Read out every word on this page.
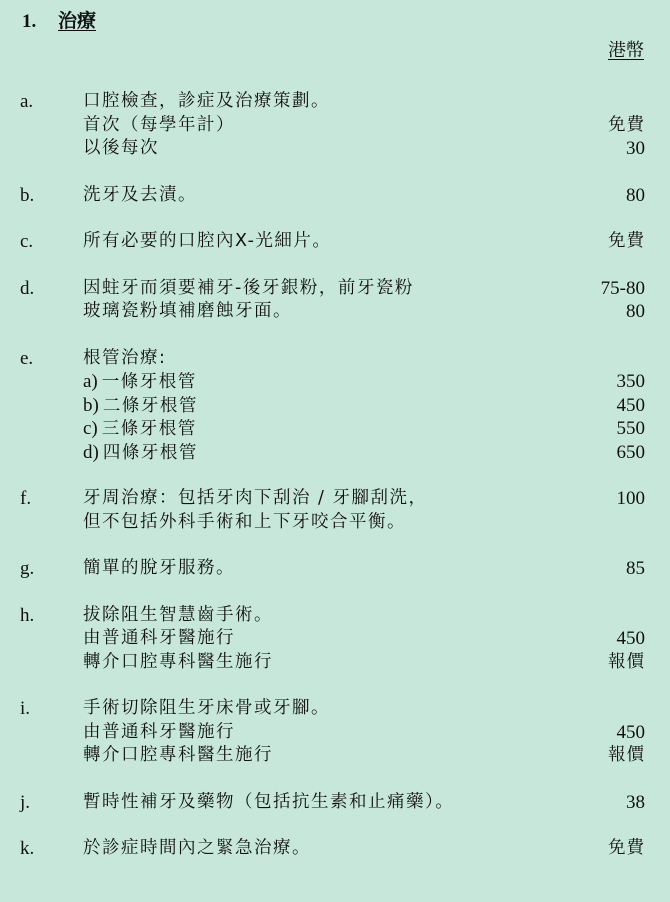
1. 治療
港幣
a.	口腔檢查，診症及治療策劃。
首次（每學年計）	免費
以後每次	30
b.	洗牙及去漬。	80
c.	所有必要的口腔內X-光細片。	免費
d.	因蛀牙而須要補牙-後牙銀粉，前牙瓷粉	75-80
玻璃瓷粉填補磨蝕牙面。	80
e.	根管治療:
a) 一條牙根管	350
b) 二條牙根管	450
c) 三條牙根管	550
d) 四條牙根管	650
f.	牙周治療：包括牙肉下刮治 / 牙腳刮洗，	100
但不包括外科手術和上下牙咬合平衡。
g.	簡單的脫牙服務。	85
h.	拔除阻生智慧齒手術。
由普通科牙醫施行	450
轉介口腔專科醫生施行	報價
i.	手術切除阻生牙床骨或牙腳。
由普通科牙醫施行	450
轉介口腔專科醫生施行	報價
j.	暫時性補牙及藥物（包括抗生素和止痛藥）。	38
k.	於診症時間內之緊急治療。	免費
